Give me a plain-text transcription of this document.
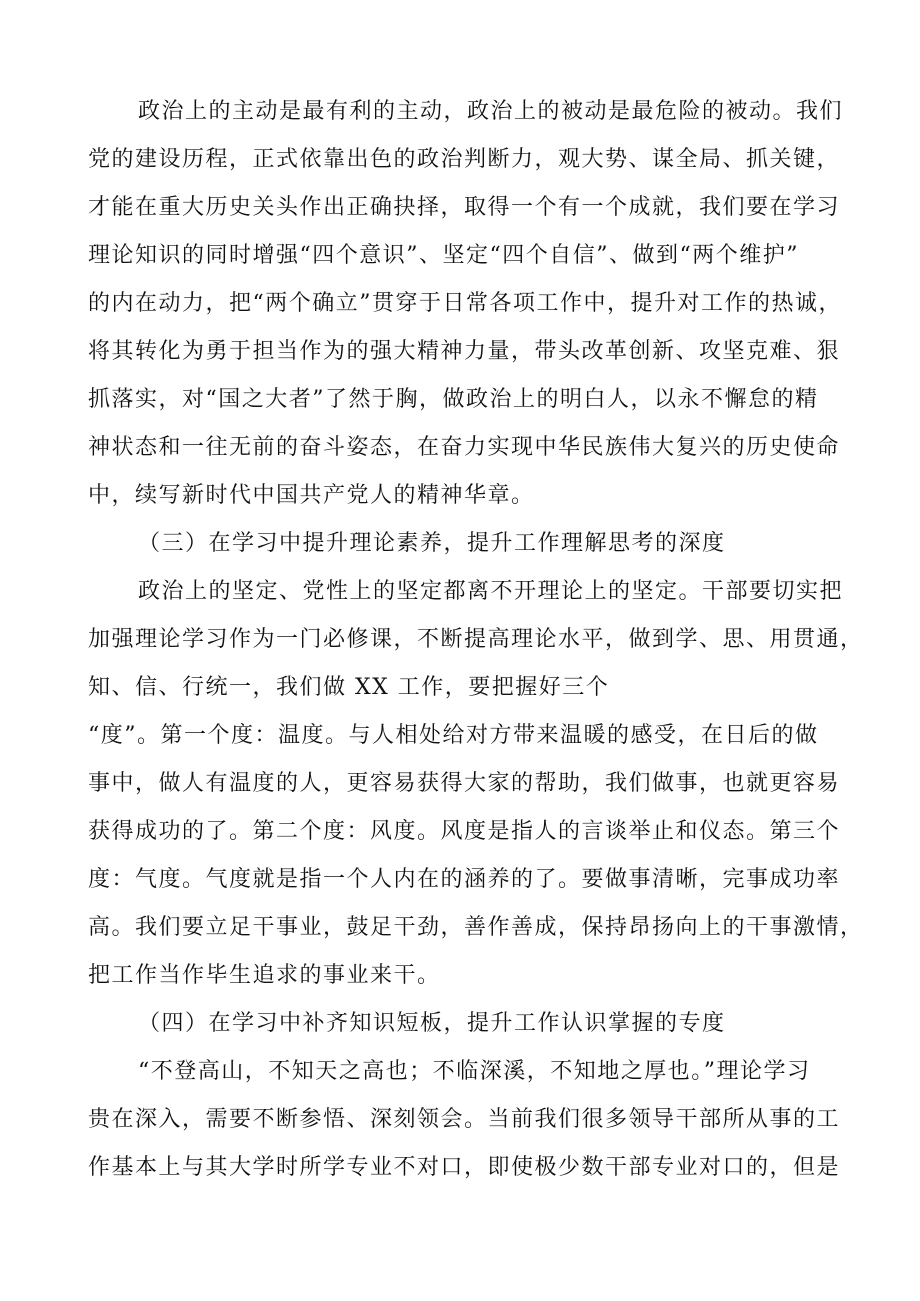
政治上的主动是最有利的主动，政治上的被动是最危险的被动。我们
党的建设历程，正式依靠出色的政治判断力，观大势、谋全局、抓关键，
才能在重大历史关头作出正确抉择，取得一个有一个成就，我们要在学习
理论知识的同时增强“四个意识”、坚定“四个自信”、做到“两个维护”
的内在动力，把“两个确立”贯穿于日常各项工作中，提升对工作的热诚，
将其转化为勇于担当作为的强大精神力量，带头改革创新、攻坚克难、狠
抓落实，对“国之大者”了然于胸，做政治上的明白人，以永不懈怠的精
神状态和一往无前的奋斗姿态，在奋力实现中华民族伟大复兴的历史使命
中，续写新时代中国共产党人的精神华章。
（三）在学习中提升理论素养，提升工作理解思考的深度
政治上的坚定、党性上的坚定都离不开理论上的坚定。干部要切实把
加强理论学习作为一门必修课，不断提高理论水平，做到学、思、用贯通，
知、信、行统一，我们做 XX 工作，要把握好三个
“度”。第一个度：温度。与人相处给对方带来温暖的感受，在日后的做
事中，做人有温度的人，更容易获得大家的帮助，我们做事，也就更容易
获得成功的了。第二个度：风度。风度是指人的言谈举止和仪态。第三个
度：气度。气度就是指一个人内在的涵养的了。要做事清晰，完事成功率
高。我们要立足干事业，鼓足干劲，善作善成，保持昂扬向上的干事激情，
把工作当作毕生追求的事业来干。
（四）在学习中补齐知识短板，提升工作认识掌握的专度
“不登高山，不知天之高也；不临深溪，不知地之厚也。”理论学习
贵在深入，需要不断参悟、深刻领会。当前我们很多领导干部所从事的工
作基本上与其大学时所学专业不对口，即使极少数干部专业对口的，但是
